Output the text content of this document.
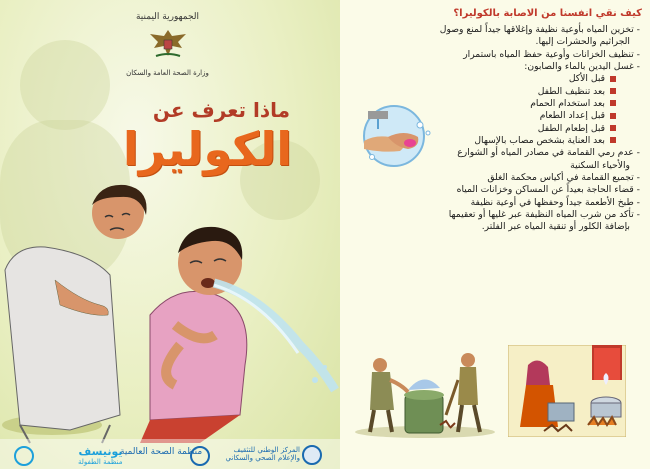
الجمهورية اليمنية
وزارة الصحة العامة والسكان
ماذا تعرف عن
الكوليرا
يونيسف
منظمة الطفولة
منظمة الصحة العالمية	المركز الوطني للتثقيف والإعلام الصحي والسكاني
كيف نقي انفسنا من الاصابة بالكوليرا؟

- تخزين المياه بأوعية نظيفة وإغلاقها جيداً لمنع وصول

الجراثيم والحشرات إليها.

- تنظيف الخزانات وأوعية حفظ المياه باستمرار

- غسل اليدين بالماء والصابون:

قبل الأكل

بعد تنظيف الطفل

بعد استخدام الحمام

قبل إعداد الطعام

قبل إطعام الطفل

بعد العناية بشخص مصاب بالإسهال

- عدم رمي القمامة في مصادر المياه أو الشوارع

والأحياء السكنية

- تجميع القمامة في أكياس محكمة الغلق

- قضاء الحاجة بعيداً عن المساكن وخزانات المياه

- طبخ الأطعمة جيداً وحفظها في أوعية نظيفة

- تأكد من شرب المياه النظيفة عبر غليها أو تعقيمها

بإضافة الكلور أو تنقية المياه عبر الفلتر.
